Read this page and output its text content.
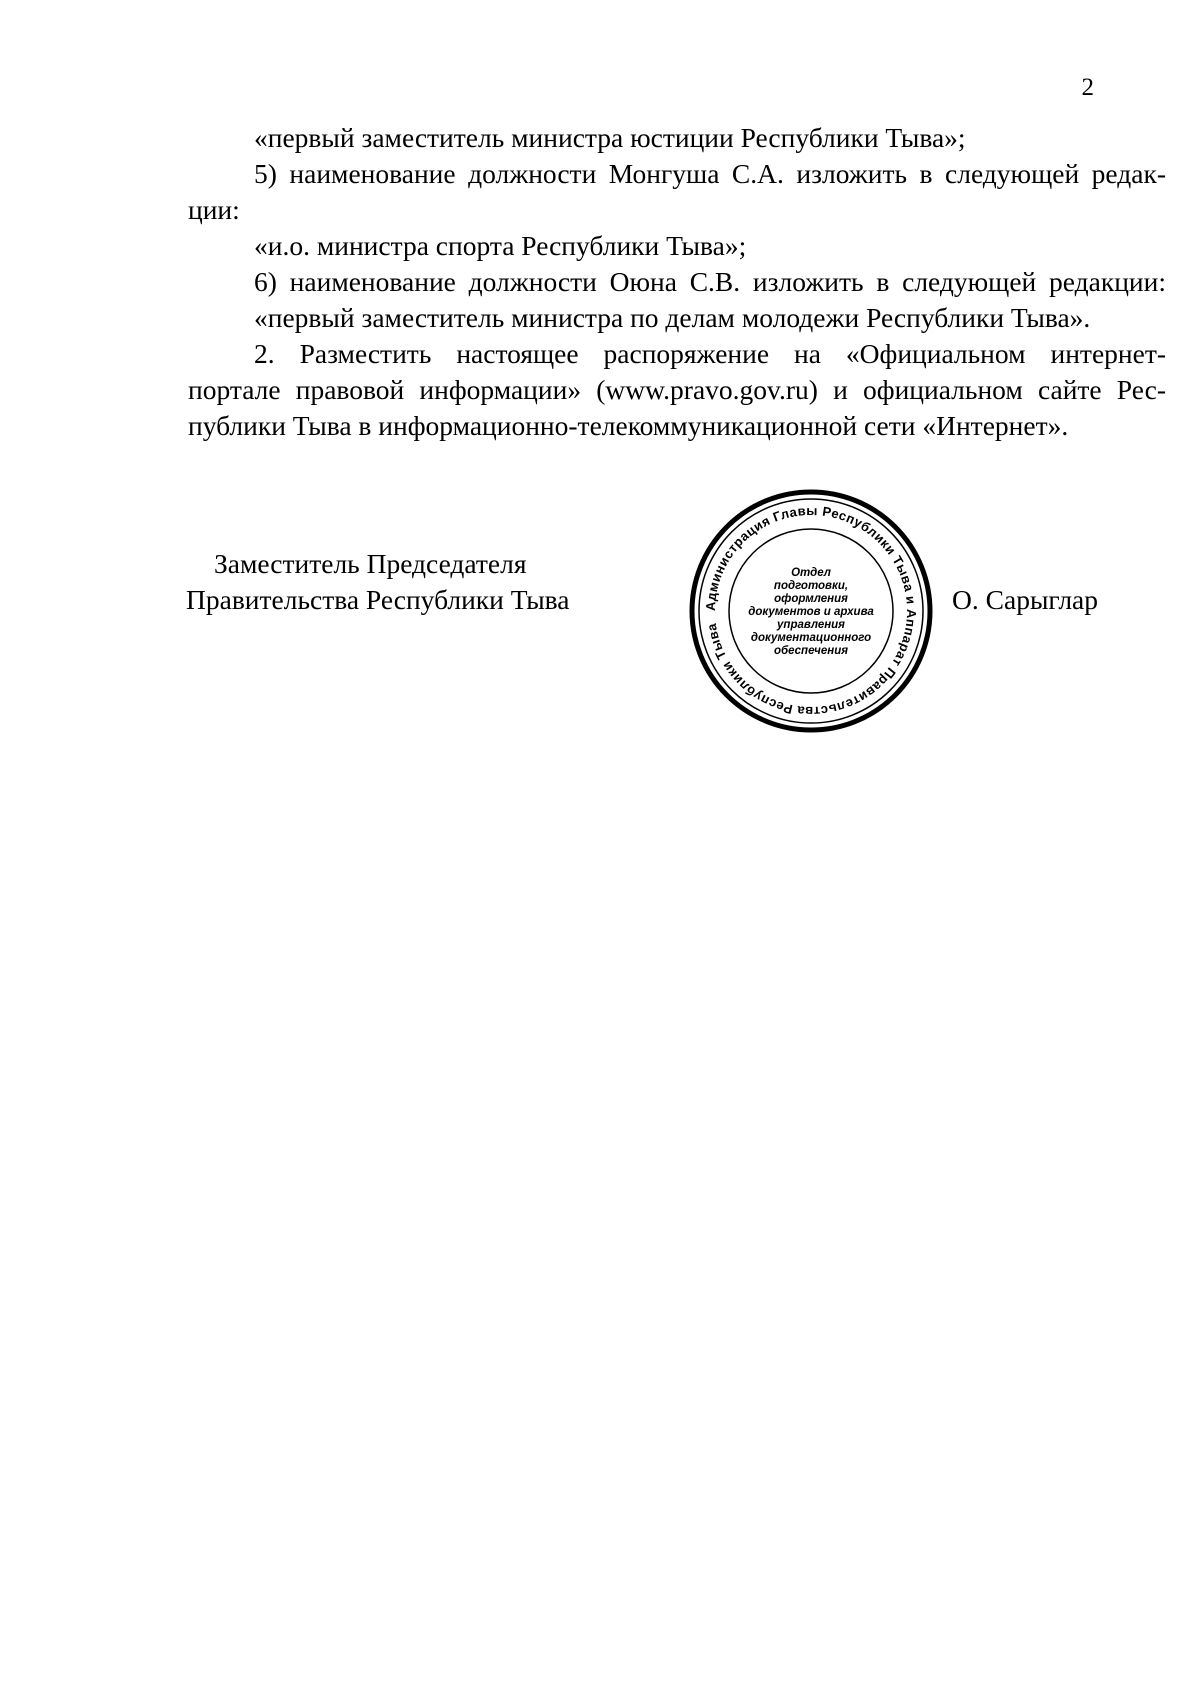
2
«первый заместитель министра юстиции Республики Тыва»;
5) наименование должности Монгуша С.А. изложить в следующей редак-
ции:
«и.о. министра спорта Республики Тыва»;
6) наименование должности Оюна С.В. изложить в следующей редакции:
«первый заместитель министра по делам молодежи Республики Тыва».
2. Разместить настоящее распоряжение на «Официальном интернет-
портале правовой информации» (www.pravo.gov.ru) и официальном сайте Рес-
публики Тыва в информационно-телекоммуникационной сети «Интернет».
Заместитель Председателя
Правительства Республики Тыва	Администрация Главы Республики Тыва и Аппарат Правительства Республики Тыва
Отдел
подготовки,
оформления
документов и архива
управления
документационного
обеспечения
О. Сарыглар
